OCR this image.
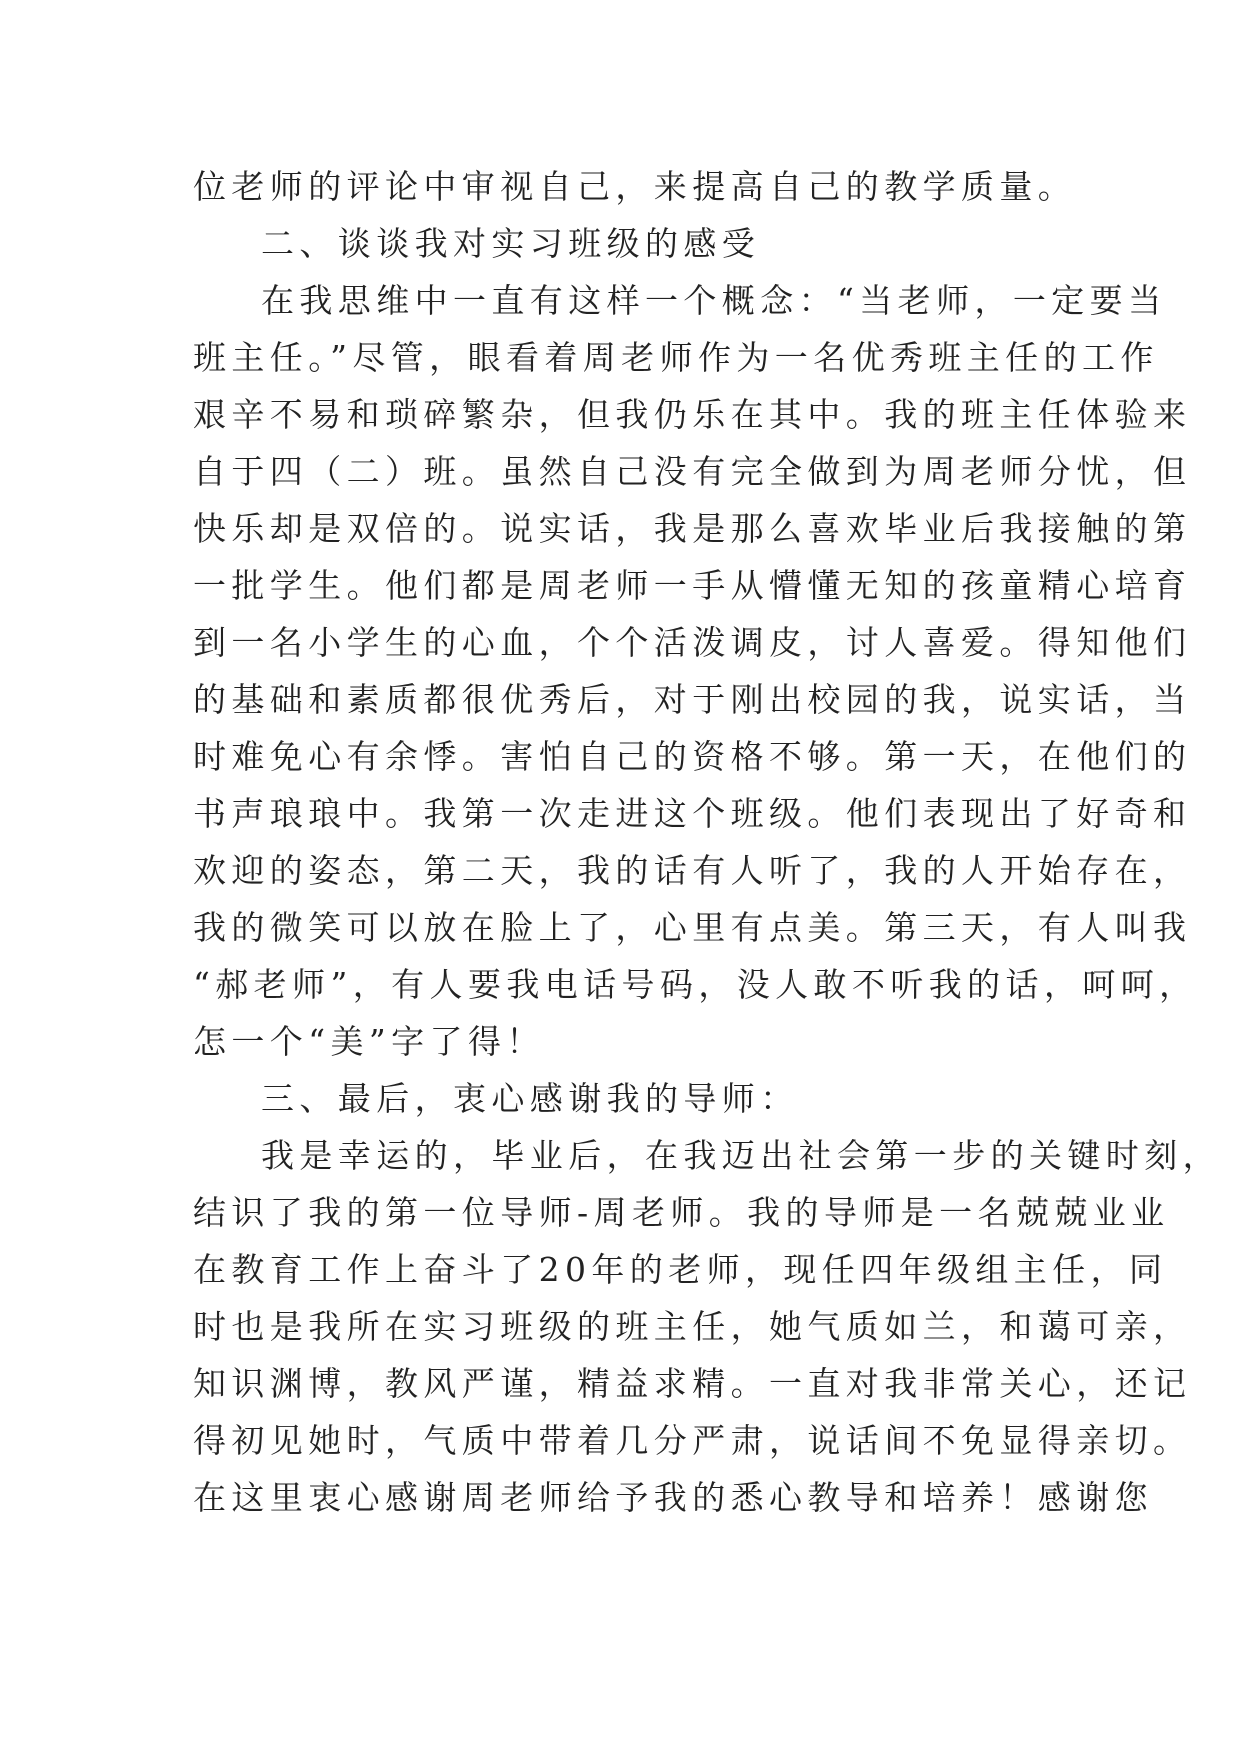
位老师的评论中审视自己，来提高自己的教学质量。
二、谈谈我对实习班级的感受
在我思维中一直有这样一个概念：“当老师，一定要当
班主任。”尽管，眼看着周老师作为一名优秀班主任的工作
艰辛不易和琐碎繁杂，但我仍乐在其中。我的班主任体验来
自于四（二）班。虽然自己没有完全做到为周老师分忧，但
快乐却是双倍的。说实话，我是那么喜欢毕业后我接触的第
一批学生。他们都是周老师一手从懵懂无知的孩童精心培育
到一名小学生的心血，个个活泼调皮，讨人喜爱。得知他们
的基础和素质都很优秀后，对于刚出校园的我，说实话，当
时难免心有余悸。害怕自己的资格不够。第一天，在他们的
书声琅琅中。我第一次走进这个班级。他们表现出了好奇和
欢迎的姿态，第二天，我的话有人听了，我的人开始存在，
我的微笑可以放在脸上了，心里有点美。第三天，有人叫我
“郝老师”，有人要我电话号码，没人敢不听我的话，呵呵，
怎一个“美”字了得！
三、最后，衷心感谢我的导师：
我是幸运的，毕业后，在我迈出社会第一步的关键时刻，
结识了我的第一位导师-周老师。我的导师是一名兢兢业业
在教育工作上奋斗了20年的老师，现任四年级组主任，同
时也是我所在实习班级的班主任，她气质如兰，和蔼可亲，
知识渊博，教风严谨，精益求精。一直对我非常关心，还记
得初见她时，气质中带着几分严肃，说话间不免显得亲切。
在这里衷心感谢周老师给予我的悉心教导和培养！感谢您
